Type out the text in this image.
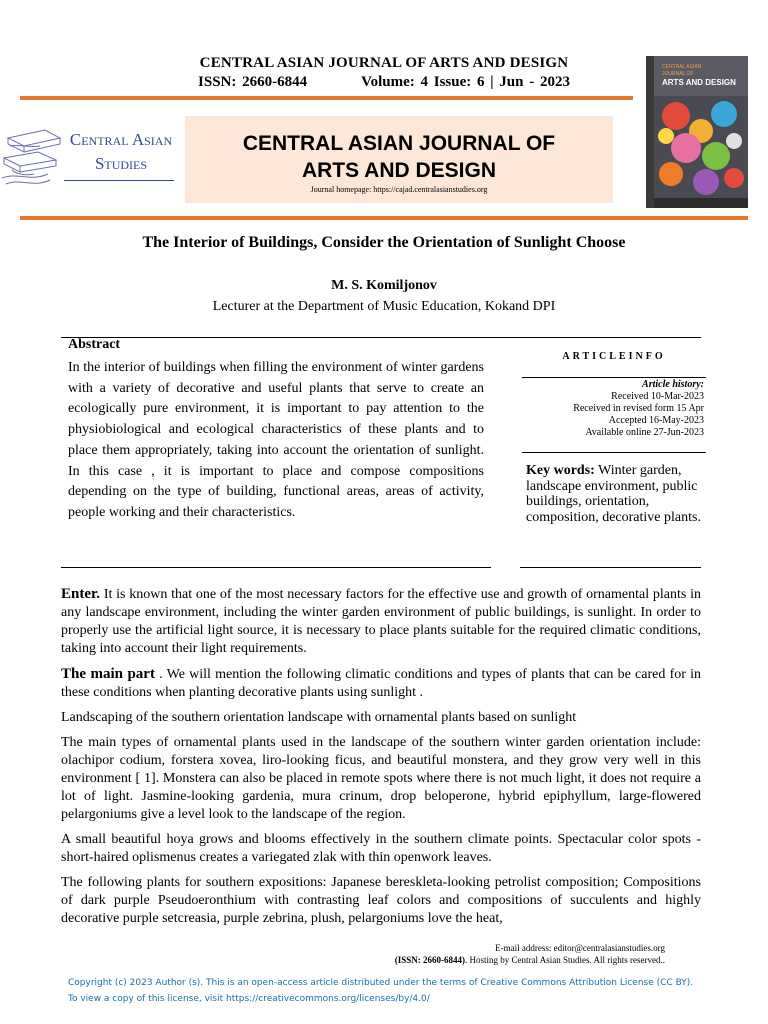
CENTRAL ASIAN JOURNAL OF ARTS AND DESIGN
ISSN: 2660-6844	Volume: 4 Issue: 6 | Jun - 2023
Central Asian
Studies
CENTRAL ASIAN JOURNAL OF
ARTS AND DESIGN
Journal homepage: https://cajad.centralasianstudies.org
CENTRAL ASIAN
JOURNAL OF
ARTS AND DESIGN
The Interior of Buildings, Consider the Orientation of Sunlight Choose
M. S. Komiljonov
Lecturer at the Department of Music Education, Kokand DPI
Abstract
In the interior of buildings when filling the environment of winter gardens with a variety of decorative and useful plants that serve to create an ecologically pure environment, it is important to pay attention to the physiobiological and ecological characteristics of these plants and to place them appropriately, taking into account the orientation of sunlight. In this case , it is important to place and compose compositions depending on the type of building, functional areas, areas of activity, people working and their characteristics.
ARTICLEINFO
Article history:
Received 10-Mar-2023
Received in revised form 15 Apr
Accepted 16-May-2023
Available online 27-Jun-2023
Key words: Winter garden, landscape environment, public buildings, orientation, composition, decorative plants.
Enter. It is known that one of the most necessary factors for the effective use and growth of ornamental plants in any landscape environment, including the winter garden environment of public buildings, is sunlight. In order to properly use the artificial light source, it is necessary to place plants suitable for the required climatic conditions, taking into account their light requirements.
The main part . We will mention the following climatic conditions and types of plants that can be cared for in these conditions when planting decorative plants using sunlight .
Landscaping of the southern orientation landscape with ornamental plants based on sunlight
The main types of ornamental plants used in the landscape of the southern winter garden orientation include: olachipor codium, forstera xovea, liro-looking ficus, and beautiful monstera, and they grow very well in this environment [ 1]. Monstera can also be placed in remote spots where there is not much light, it does not require a lot of light. Jasmine-looking gardenia, mura crinum, drop beloperone, hybrid epiphyllum, large-flowered pelargoniums give a level look to the landscape of the region.
A small beautiful hoya grows and blooms effectively in the southern climate points. Spectacular color spots - short-haired oplismenus creates a variegated zlak with thin openwork leaves.
The following plants for southern expositions: Japanese bereskleta-looking petrolist composition; Compositions of dark purple Pseudoeronthium with contrasting leaf colors and compositions of succulents and highly decorative purple setcreasia, purple zebrina, plush, pelargoniums love the heat,
E-mail address: editor@centralasianstudies.org
(ISSN: 2660-6844). Hosting by Central Asian Studies. All rights reserved..
Copyright (c) 2023 Author (s). This is an open-access article distributed under the terms of Creative Commons Attribution License (CC BY).
To view a copy of this license, visit https://creativecommons.org/licenses/by/4.0/
